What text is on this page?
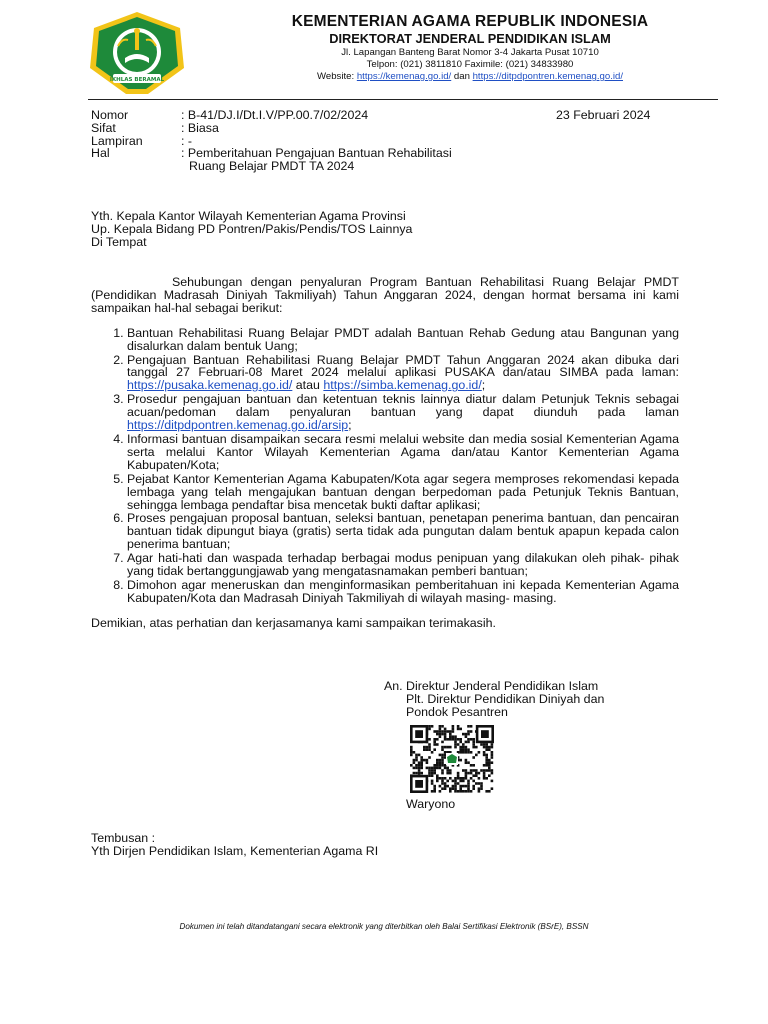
IKHLAS BERAMAL
KEMENTERIAN AGAMA REPUBLIK INDONESIA
DIREKTORAT JENDERAL PENDIDIKAN ISLAM
Jl. Lapangan Banteng Barat Nomor 3-4 Jakarta Pusat 10710
Telpon: (021) 3811810 Faximile: (021) 34833980
Website: https://kemenag.go.id/ dan https://ditpdpontren.kemenag.go.id/
Nomor	: B-41/DJ.I/Dt.I.V/PP.00.7/02/2024
Sifat	: Biasa
Lampiran	: -
Hal	: Pemberitahuan Pengajuan Bantuan Rehabilitasi
Ruang Belajar PMDT TA 2024
23 Februari 2024
Yth. Kepala Kantor Wilayah Kementerian Agama Provinsi
Up. Kepala Bidang PD Pontren/Pakis/Pendis/TOS Lainnya
Di Tempat

Sehubungan dengan penyaluran Program Bantuan Rehabilitasi Ruang Belajar PMDT (Pendidikan Madrasah Diniyah Takmiliyah) Tahun Anggaran 2024, dengan hormat bersama ini kami sampaikan hal-hal sebagai berikut:

1. Bantuan Rehabilitasi Ruang Belajar PMDT adalah Bantuan Rehab Gedung atau Bangunan yang disalurkan dalam bentuk Uang;
2. Pengajuan Bantuan Rehabilitasi Ruang Belajar PMDT Tahun Anggaran 2024 akan dibuka dari tanggal 27 Februari-08 Maret 2024 melalui aplikasi PUSAKA dan/atau SIMBA pada laman: https://pusaka.kemenag.go.id/ atau https://simba.kemenag.go.id/;
3. Prosedur pengajuan bantuan dan ketentuan teknis lainnya diatur dalam Petunjuk Teknis sebagai acuan/pedoman dalam penyaluran bantuan yang dapat diunduh pada laman https://ditpdpontren.kemenag.go.id/arsip;
4. Informasi bantuan disampaikan secara resmi melalui website dan media sosial Kementerian Agama serta melalui Kantor Wilayah Kementerian Agama dan/atau Kantor Kementerian Agama Kabupaten/Kota;
5. Pejabat Kantor Kementerian Agama Kabupaten/Kota agar segera memproses rekomendasi kepada lembaga yang telah mengajukan bantuan dengan berpedoman pada Petunjuk Teknis Bantuan, sehingga lembaga pendaftar bisa mencetak bukti daftar aplikasi;
6. Proses pengajuan proposal bantuan, seleksi bantuan, penetapan penerima bantuan, dan pencairan bantuan tidak dipungut biaya (gratis) serta tidak ada pungutan dalam bentuk apapun kepada calon penerima bantuan;
7. Agar hati-hati dan waspada terhadap berbagai modus penipuan yang dilakukan oleh pihak- pihak yang tidak bertanggungjawab yang mengatasnamakan pemberi bantuan;
8. Dimohon agar meneruskan dan menginformasikan pemberitahuan ini kepada Kementerian Agama Kabupaten/Kota dan Madrasah Diniyah Takmiliyah di wilayah masing- masing.

Demikian, atas perhatian dan kerjasamanya kami sampaikan terimakasih.

An. Direktur Jenderal Pendidikan Islam
Plt. Direktur Pendidikan Diniyah dan
Pondok Pesantren
Waryono
Tembusan :
Yth Dirjen Pendidikan Islam, Kementerian Agama RI
Dokumen ini telah ditandatangani secara elektronik yang diterbitkan oleh Balai Sertifikasi Elektronik (BSrE), BSSN
